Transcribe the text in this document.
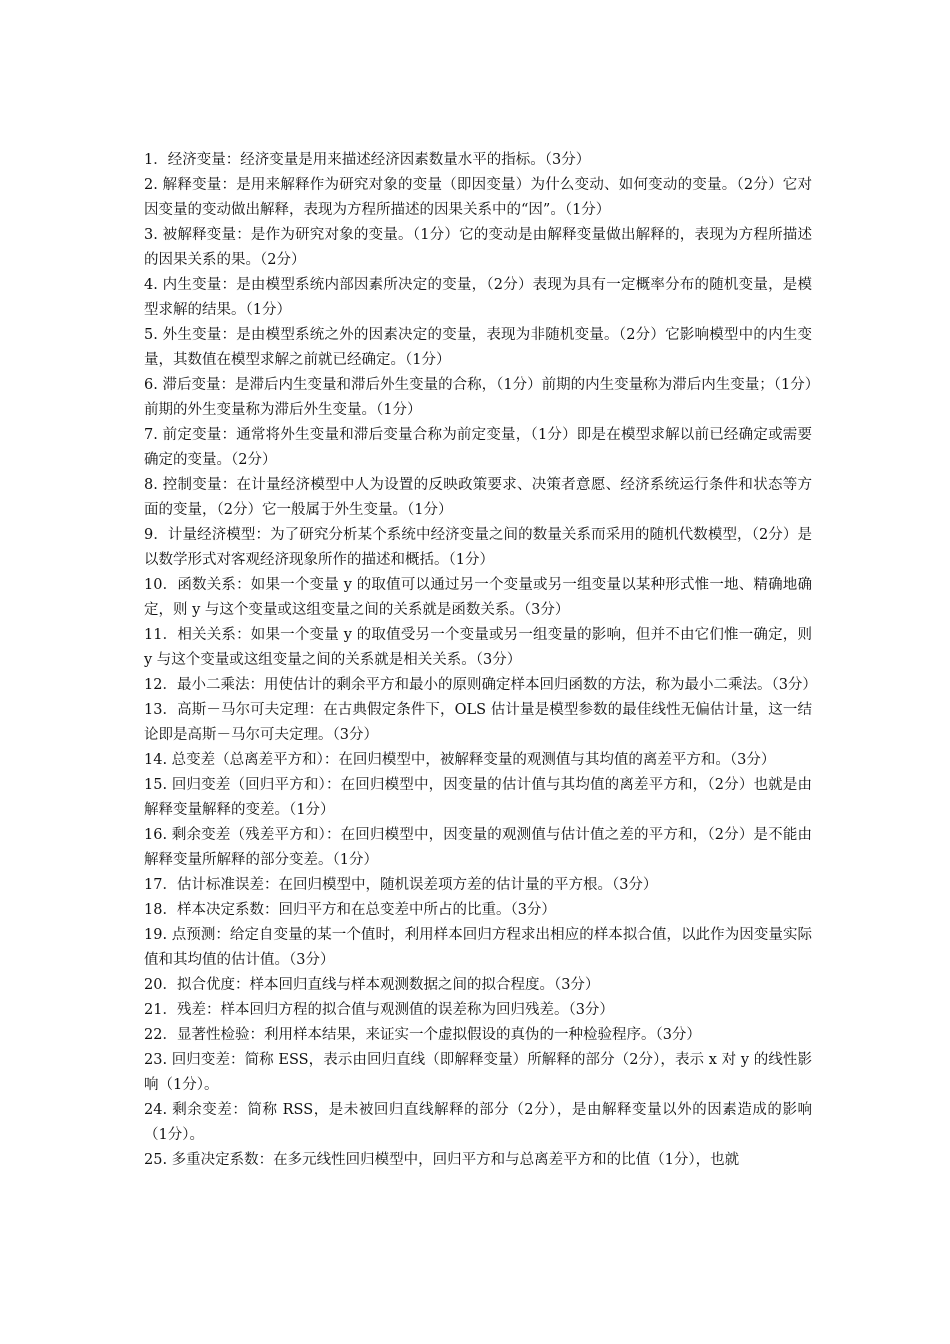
1．经济变量：经济变量是用来描述经济因素数量水平的指标。（3分）

2. 解释变量：是用来解释作为研究对象的变量（即因变量）为什么变动、如何变动的变量。（2分）它对因变量的变动做出解释，表现为方程所描述的因果关系中的“因”。（1分）

3. 被解释变量：是作为研究对象的变量。（1分）它的变动是由解释变量做出解释的，表现为方程所描述的因果关系的果。（2分）

4. 内生变量：是由模型系统内部因素所决定的变量，（2分）表现为具有一定概率分布的随机变量，是模型求解的结果。（1分）

5. 外生变量：是由模型系统之外的因素决定的变量，表现为非随机变量。（2分）它影响模型中的内生变量，其数值在模型求解之前就已经确定。（1分）

6. 滞后变量：是滞后内生变量和滞后外生变量的合称，（1分）前期的内生变量称为滞后内生变量；（1分）前期的外生变量称为滞后外生变量。（1分）

7. 前定变量：通常将外生变量和滞后变量合称为前定变量，（1分）即是在模型求解以前已经确定或需要确定的变量。（2分）

8. 控制变量：在计量经济模型中人为设置的反映政策要求、决策者意愿、经济系统运行条件和状态等方面的变量，（2分）它一般属于外生变量。（1分）

9．计量经济模型：为了研究分析某个系统中经济变量之间的数量关系而采用的随机代数模型，（2分）是以数学形式对客观经济现象所作的描述和概括。（1分）

10．函数关系：如果一个变量 y 的取值可以通过另一个变量或另一组变量以某种形式惟一地、精确地确定，则 y 与这个变量或这组变量之间的关系就是函数关系。（3分）

11．相关关系：如果一个变量 y 的取值受另一个变量或另一组变量的影响，但并不由它们惟一确定，则 y 与这个变量或这组变量之间的关系就是相关关系。（3分）

12．最小二乘法：用使估计的剩余平方和最小的原则确定样本回归函数的方法，称为最小二乘法。（3分）

13．高斯－马尔可夫定理：在古典假定条件下，OLS 估计量是模型参数的最佳线性无偏估计量，这一结论即是高斯－马尔可夫定理。（3分）

14. 总变差（总离差平方和）：在回归模型中，被解释变量的观测值与其均值的离差平方和。（3分）

15. 回归变差（回归平方和）：在回归模型中，因变量的估计值与其均值的离差平方和，（2分）也就是由解释变量解释的变差。（1分）

16. 剩余变差（残差平方和）：在回归模型中，因变量的观测值与估计值之差的平方和，（2分）是不能由解释变量所解释的部分变差。（1分）

17．估计标准误差：在回归模型中，随机误差项方差的估计量的平方根。（3分）

18．样本决定系数：回归平方和在总变差中所占的比重。（3分）

19. 点预测：给定自变量的某一个值时，利用样本回归方程求出相应的样本拟合值，以此作为因变量实际值和其均值的估计值。（3分）

20．拟合优度：样本回归直线与样本观测数据之间的拟合程度。（3分）

21．残差：样本回归方程的拟合值与观测值的误差称为回归残差。（3分）

22．显著性检验：利用样本结果，来证实一个虚拟假设的真伪的一种检验程序。（3分）

23. 回归变差：简称 ESS，表示由回归直线（即解释变量）所解释的部分（2分），表示 x 对 y 的线性影响（1分）。

24. 剩余变差：简称 RSS，是未被回归直线解释的部分（2分），是由解释变量以外的因素造成的影响（1分）。

25. 多重决定系数：在多元线性回归模型中，回归平方和与总离差平方和的比值（1分），也就
